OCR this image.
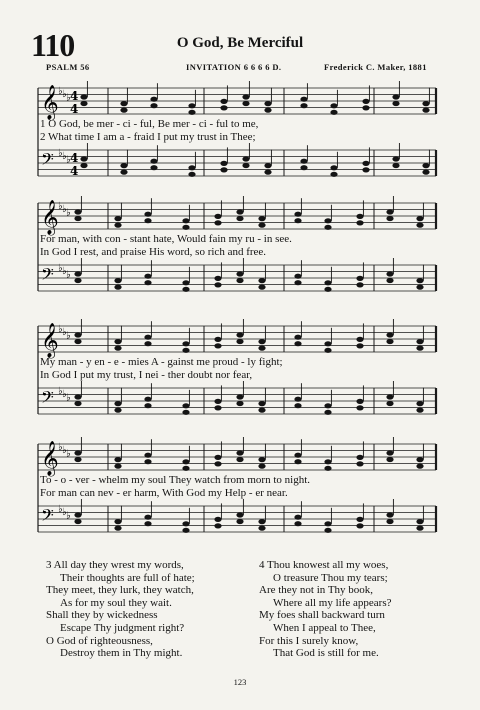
110	O God, Be Merciful
PSALM 56	INVITATION 6 6 6 6 D.	Frederick C. Maker, 1881
𝄞 ♭ ♭ ♭ 4
4
𝄢 ♭ ♭ ♭ 4
4
1 O God, be mer - ci - ful, Be mer - ci - ful to me,
2 What time I am a - fraid I put my trust in Thee;
𝄞 ♭ ♭ ♭
𝄢 ♭ ♭ ♭
For man, with con - stant hate, Would fain my ru - in see.
In God I rest, and praise His word, so rich and free.
𝄞 ♭ ♭ ♭
𝄢 ♭ ♭ ♭
My man - y en - e - mies A - gainst me proud - ly fight;
In God I put my trust, I nei - ther doubt nor fear,
𝄞 ♭ ♭ ♭
𝄢 ♭ ♭ ♭
To - o - ver - whelm my soul They watch from morn to night.
For man can nev - er harm, With God my Help - er near.
3 All day they wrest my words,
Their thoughts are full of hate;
They meet, they lurk, they watch,
As for my soul they wait.
Shall they by wickedness
Escape Thy judgment right?
O God of righteousness,
Destroy them in Thy might.
4 Thou knowest all my woes,
O treasure Thou my tears;
Are they not in Thy book,
Where all my life appears?
My foes shall backward turn
When I appeal to Thee,
For this I surely know,
That God is still for me.
123
